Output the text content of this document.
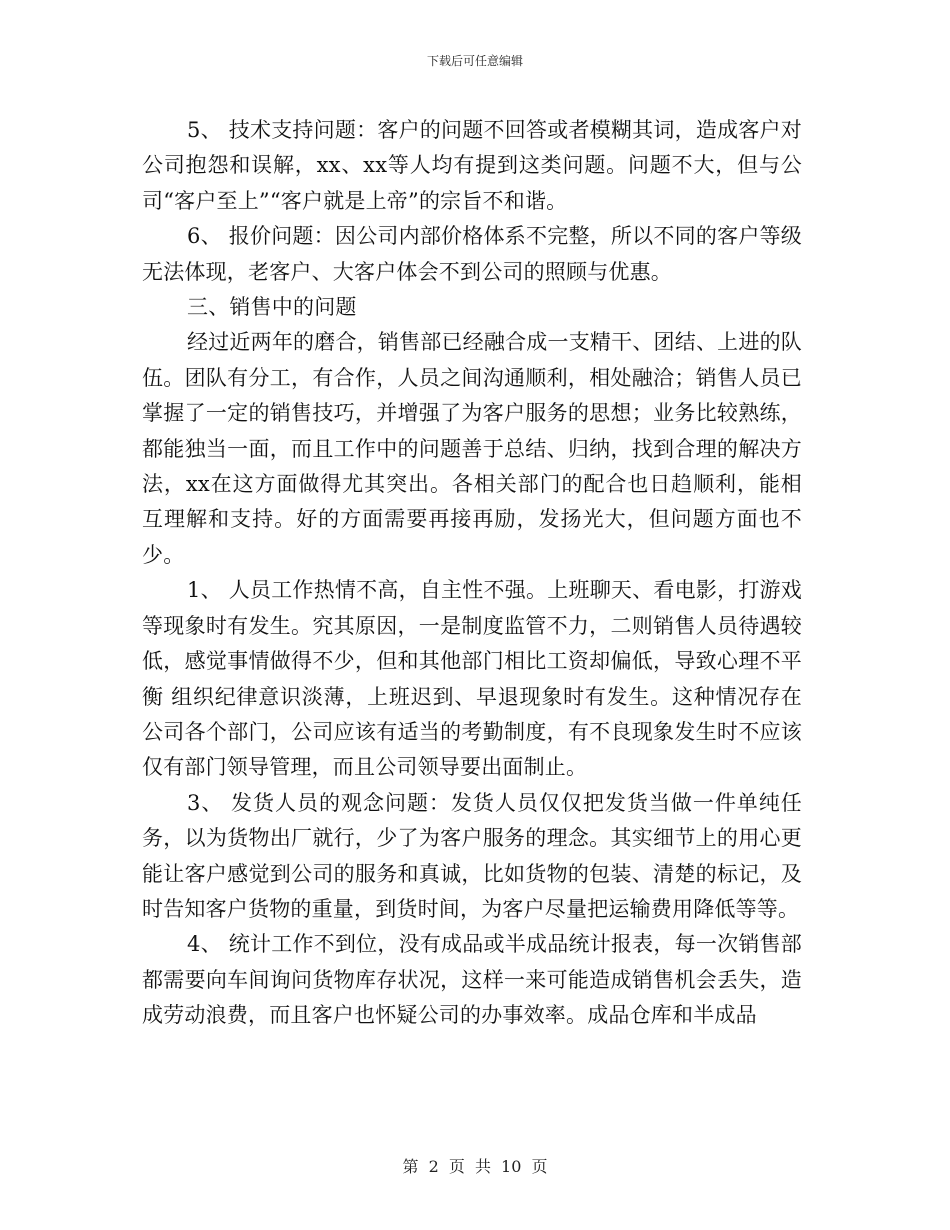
下载后可任意编辑

5、 技术支持问题：客户的问题不回答或者模糊其词，造成客户对公司抱怨和误解，xx、xx等人均有提到这类问题。问题不大，但与公司“客户至上”“客户就是上帝”的宗旨不和谐。

6、 报价问题：因公司内部价格体系不完整，所以不同的客户等级无法体现，老客户、大客户体会不到公司的照顾与优惠。

三、销售中的问题

经过近两年的磨合，销售部已经融合成一支精干、团结、上进的队伍。团队有分工，有合作，人员之间沟通顺利，相处融洽；销售人员已掌握了一定的销售技巧，并增强了为客户服务的思想；业务比较熟练，都能独当一面，而且工作中的问题善于总结、归纳，找到合理的解决方法，xx在这方面做得尤其突出。各相关部门的配合也日趋顺利，能相互理解和支持。好的方面需要再接再励，发扬光大，但问题方面也不少。

1、 人员工作热情不高，自主性不强。上班聊天、看电影，打游戏等现象时有发生。究其原因，一是制度监管不力，二则销售人员待遇较低，感觉事情做得不少，但和其他部门相比工资却偏低，导致心理不平衡 组织纪律意识淡薄，上班迟到、早退现象时有发生。这种情况存在公司各个部门，公司应该有适当的考勤制度，有不良现象发生时不应该仅有部门领导管理，而且公司领导要出面制止。

3、 发货人员的观念问题：发货人员仅仅把发货当做一件单纯任务，以为货物出厂就行，少了为客户服务的理念。其实细节上的用心更能让客户感觉到公司的服务和真诚，比如货物的包装、清楚的标记，及时告知客户货物的重量，到货时间，为客户尽量把运输费用降低等等。

4、 统计工作不到位，没有成品或半成品统计报表，每一次销售部都需要向车间询问货物库存状况，这样一来可能造成销售机会丢失，造成劳动浪费，而且客户也怀疑公司的办事效率。成品仓库和半成品

第 2 页 共 10 页
